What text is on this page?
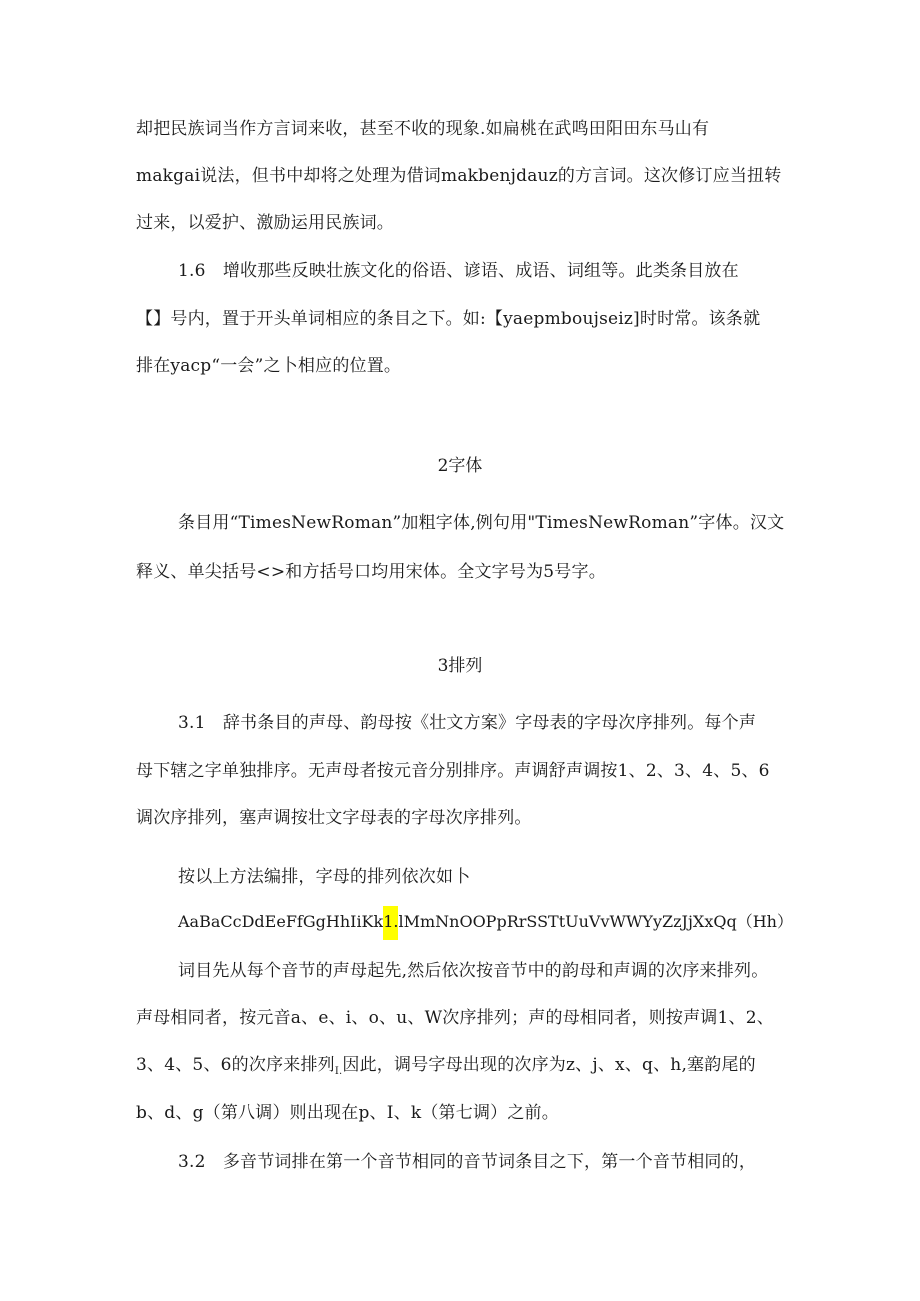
却把民族词当作方言词来收，甚至不收的现象.如扁桃在武鸣田阳田东马山有
makgai说法，但书中却将之处理为借词makbenjdauz的方言词。这次修订应当扭转
过来，以爱护、激励运用民族词。
1.6　增收那些反映壮族文化的俗语、谚语、成语、词组等。此类条目放在
【】号内，置于开头单词相应的条目之下。如:【yaepmboujseiz]时时常。该条就
排在yacp“一会”之卜相应的位置。
2字体
条目用“TimesNewRoman”加粗字体,例句用"TimesNewRoman”字体。汉文
释义、单尖括号<>和方括号口均用宋体。全文字号为5号字。
3排列
3.1　辞书条目的声母、韵母按《壮文方案》字母表的字母次序排列。每个声
母下辖之字单独排序。无声母者按元音分别排序。声调舒声调按1、2、3、4、5、6
调次序排列，塞声调按壮文字母表的字母次序排列。
按以上方法编排，字母的排列依次如卜
AaBaCcDdEeFfGgHhIiKk1.lMmNnOOPpRrSSTtUuVvWWYyZzJjXxQq（Hh）
词目先从每个音节的声母起先,然后依次按音节中的韵母和声调的次序来排列。
声母相同者，按元音a、e、i、o、u、W次序排列；声的母相同者，则按声调1、2、
3、4、5、6的次序来排列$_{I.}$因此，调号字母出现的次序为z、j、x、q、h,塞韵尾的
b、d、g（第八调）则出现在p、I、k（第七调）之前。
3.2　多音节词排在第一个音节相同的音节词条目之下，第一个音节相同的，
